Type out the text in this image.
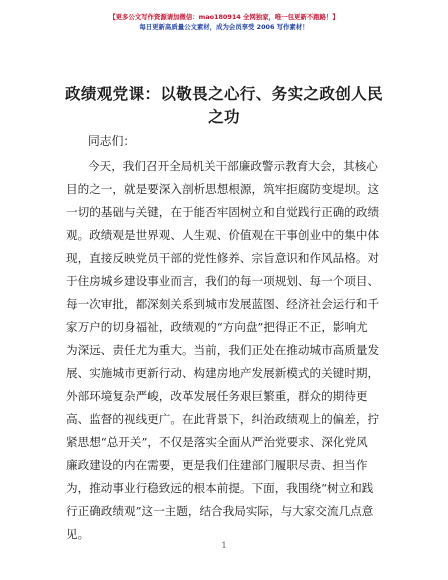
【更多公文写作资源请加微信：mao180914 全网独家，唯一包更新不跑路！】
每日更新高质量公文素材，成为会员享受 2006 写作素材！
政绩观党课：以敬畏之心行、务实之政创人民
之功
同志们：
今天，我们召开全局机关干部廉政警示教育大会，其核心
目的之一，就是要深入剖析思想根源，筑牢拒腐防变堤坝。这
一切的基础与关键，在于能否牢固树立和自觉践行正确的政绩
观。政绩观是世界观、人生观、价值观在干事创业中的集中体
现，直接反映党员干部的党性修养、宗旨意识和作风品格。对
于住房城乡建设事业而言，我们的每一项规划、每一个项目、
每一次审批，都深刻关系到城市发展蓝图、经济社会运行和千
家万户的切身福祉，政绩观的“方向盘”把得正不正，影响尤
为深远、责任尤为重大。当前，我们正处在推动城市高质量发
展、实施城市更新行动、构建房地产发展新模式的关键时期，
外部环境复杂严峻，改革发展任务艰巨繁重，群众的期待更
高、监督的视线更广。在此背景下，纠治政绩观上的偏差，拧
紧思想“总开关”，不仅是落实全面从严治党要求、深化党风
廉政建设的内在需要，更是我们住建部门履职尽责、担当作
为，推动事业行稳致远的根本前提。下面，我围绕“树立和践
行正确政绩观”这一主题，结合我局实际，与大家交流几点意
见。
1
